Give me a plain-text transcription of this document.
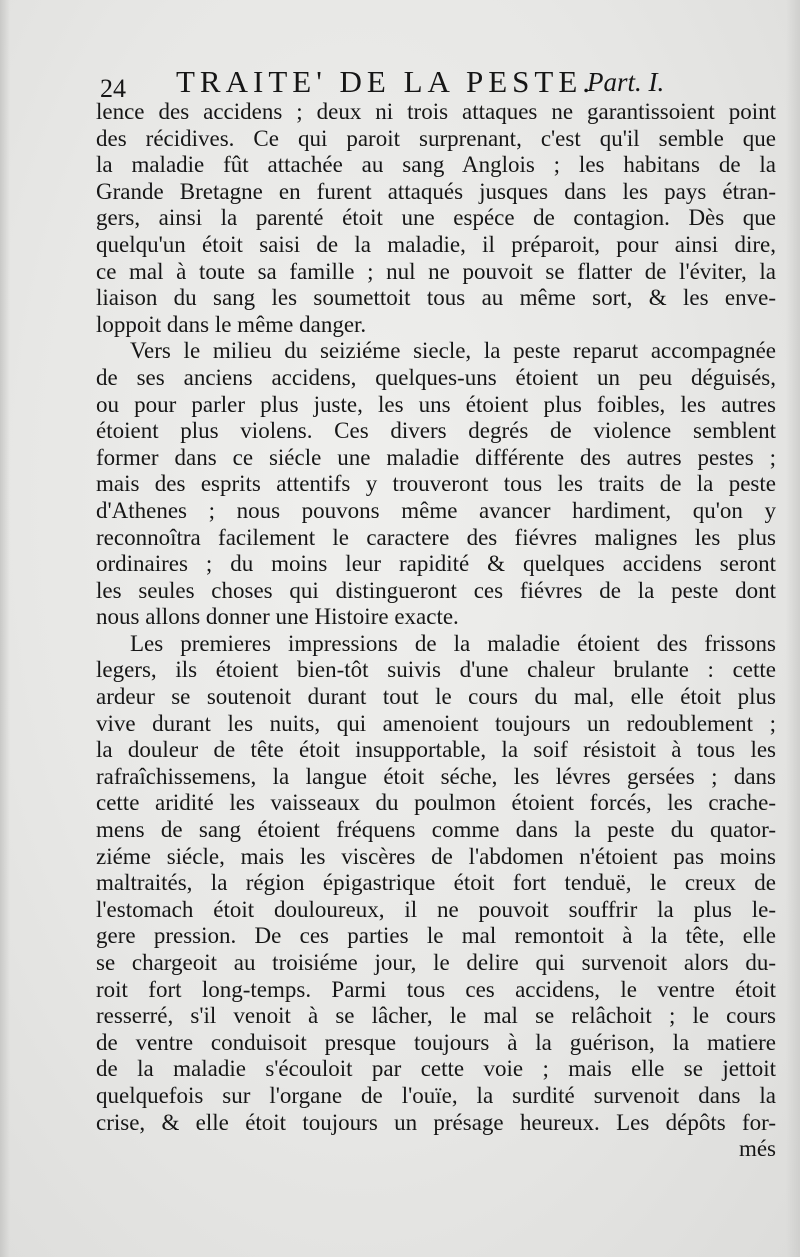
24 TRAITE' DE LA PESTE.
Part. I.
lence des accidens ; deux ni trois attaques ne garantissoient point
des récidives. Ce qui paroit surprenant, c'est qu'il semble que
la maladie fût attachée au sang Anglois ; les habitans de la
Grande Bretagne en furent attaqués jusques dans les pays étran-
gers, ainsi la parenté étoit une espéce de contagion. Dès que
quelqu'un étoit saisi de la maladie, il préparoit, pour ainsi dire,
ce mal à toute sa famille ; nul ne pouvoit se flatter de l'éviter, la
liaison du sang les soumettoit tous au même sort, & les enve-
loppoit dans le même danger.
Vers le milieu du seiziéme siecle, la peste reparut accompagnée
de ses anciens accidens, quelques-uns étoient un peu déguisés,
ou pour parler plus juste, les uns étoient plus foibles, les autres
étoient plus violens. Ces divers degrés de violence semblent
former dans ce siécle une maladie différente des autres pestes ;
mais des esprits attentifs y trouveront tous les traits de la peste
d'Athenes ; nous pouvons même avancer hardiment, qu'on y
reconnoîtra facilement le caractere des fiévres malignes les plus
ordinaires ; du moins leur rapidité & quelques accidens seront
les seules choses qui distingueront ces fiévres de la peste dont
nous allons donner une Histoire exacte.
Les premieres impressions de la maladie étoient des frissons
legers, ils étoient bien-tôt suivis d'une chaleur brulante : cette
ardeur se soutenoit durant tout le cours du mal, elle étoit plus
vive durant les nuits, qui amenoient toujours un redoublement ;
la douleur de tête étoit insupportable, la soif résistoit à tous les
rafraîchissemens, la langue étoit séche, les lévres gersées ; dans
cette aridité les vaisseaux du poulmon étoient forcés, les crache-
mens de sang étoient fréquens comme dans la peste du quator-
ziéme siécle, mais les viscères de l'abdomen n'étoient pas moins
maltraités, la région épigastrique étoit fort tenduë, le creux de
l'estomach étoit douloureux, il ne pouvoit souffrir la plus le-
gere pression. De ces parties le mal remontoit à la tête, elle
se chargeoit au troisiéme jour, le delire qui survenoit alors du-
roit fort long-temps. Parmi tous ces accidens, le ventre étoit
resserré, s'il venoit à se lâcher, le mal se relâchoit ; le cours
de ventre conduisoit presque toujours à la guérison, la matiere
de la maladie s'écouloit par cette voie ; mais elle se jettoit
quelquefois sur l'organe de l'ouïe, la surdité survenoit dans la
crise, & elle étoit toujours un présage heureux. Les dépôts for-
més
